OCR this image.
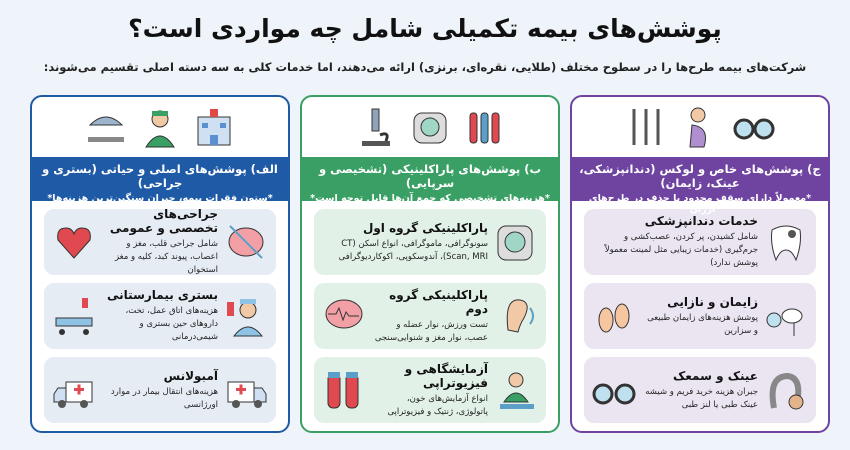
پوشش‌های بیمه تکمیلی شامل چه مواردی است؟
شرکت‌های بیمه طرح‌ها را در سطوح مختلف (طلایی، نقره‌ای، برنزی) ارائه می‌دهند، اما خدمات کلی به سه دسته اصلی تقسیم می‌شوند:
الف) پوشش‌های اصلی و حیاتی (بستری و جراحی)
*ستون فقرات بیمه، جبران سنگین‌ترین هزینه‌ها*
جراحی‌های تخصصی و عمومی
شامل جراحی قلب، مغز و اعصاب، پیوند کبد، کلیه و مغز استخوان
بستری بیمارستانی
هزینه‌های اتاق عمل، تخت، داروهای حین بستری و شیمی‌درمانی
آمبولانس
هزینه‌های انتقال بیمار در موارد اورژانسی
ب) پوشش‌های پاراکلینیکی (تشخیصی و سرپایی)
*هزینه‌های تشخیصی که جمع آن‌ها قابل توجه است*
پاراکلینیکی گروه اول
سونوگرافی، ماموگرافی، انواع اسکن (CT Scan, MRI)، آندوسکوپی، اکوکاردیوگرافی
پاراکلینیکی گروه دوم
تست ورزش، نوار عضله و عصب، نوار مغز و شنوایی‌سنجی
آزمایشگاهی و فیزیوتراپی
انواع آزمایش‌های خون، پاتولوژی، ژنتیک و فیزیوتراپی
ج) پوشش‌های خاص و لوکس (دندانپزشکی، عینک، زایمان)
*معمولاً دارای سقف محدود یا حذف در طرح‌های ارزان*
خدمات دندانپزشکی
شامل کشیدن، پر کردن، عصب‌کشی و جرم‌گیری (خدمات زیبایی مثل لمینت معمولاً پوشش ندارد)
زایمان و نازایی
پوشش هزینه‌های زایمان طبیعی و سزارین
عینک و سمعک
جبران هزینه خرید فریم و شیشه عینک طبی یا لنز طبی
